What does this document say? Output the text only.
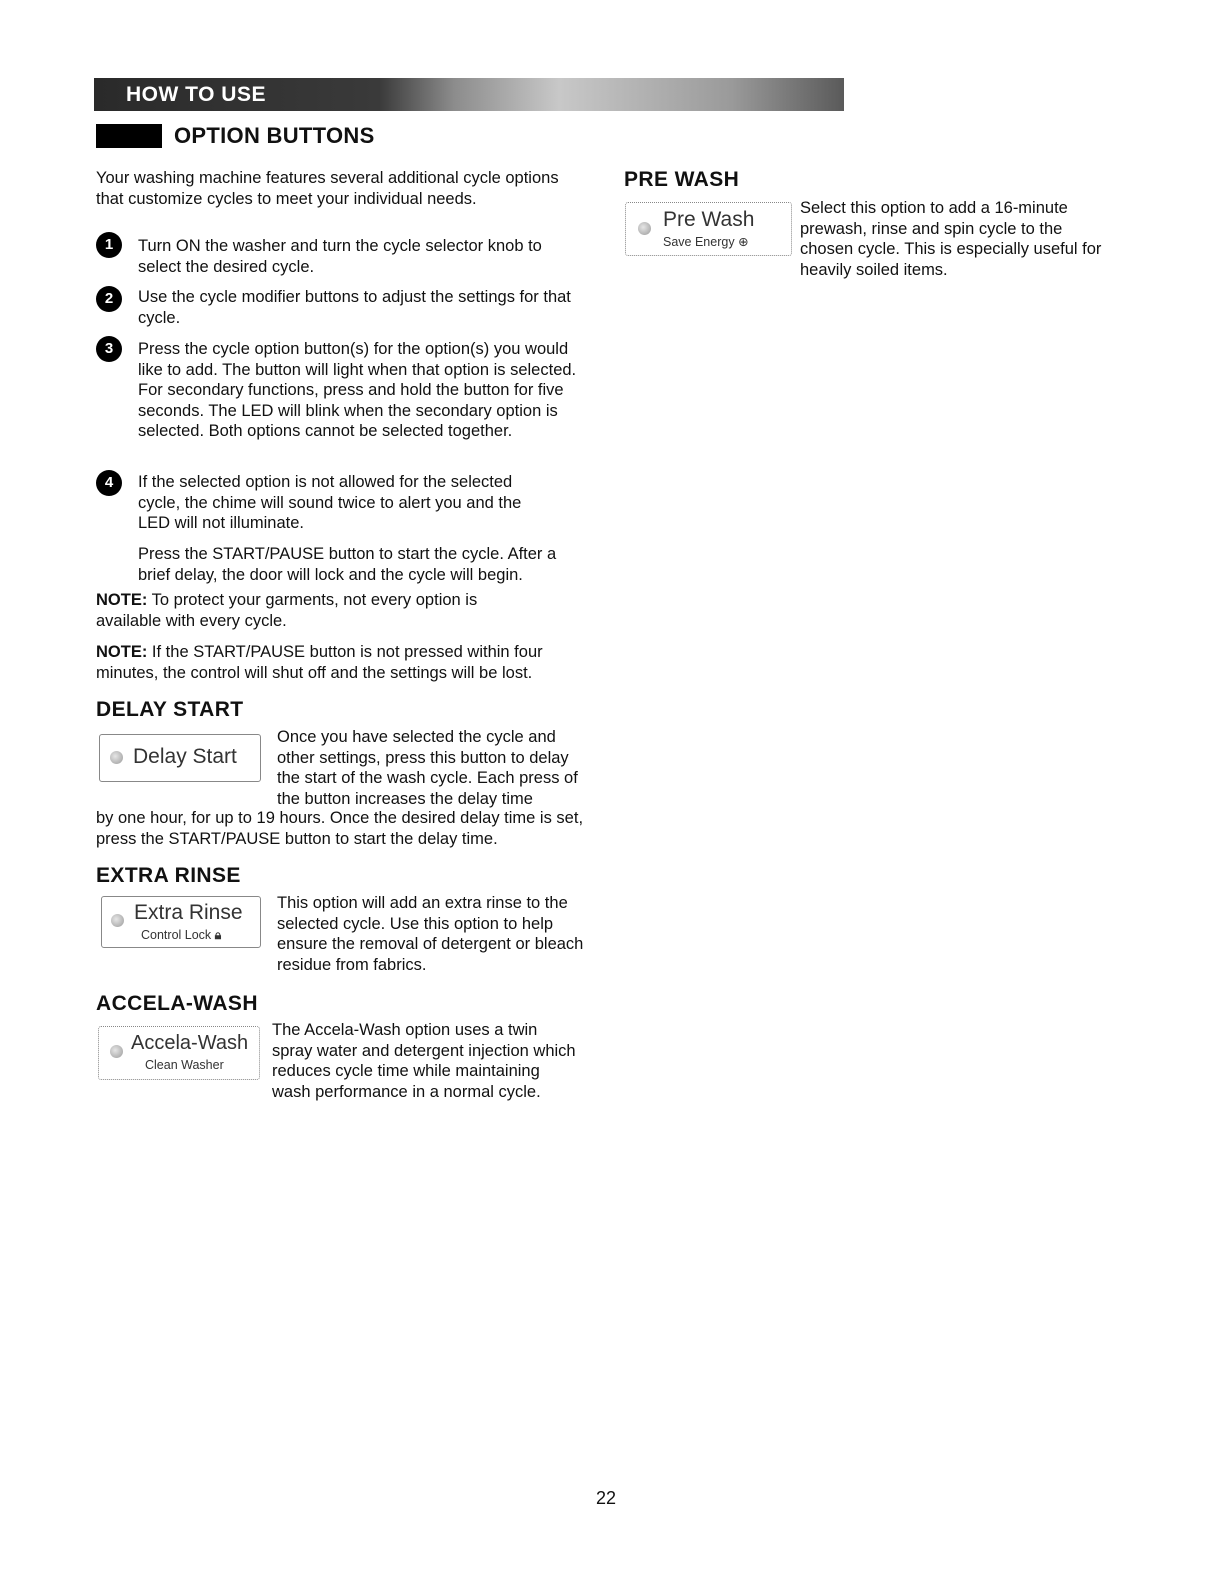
HOW TO USE
OPTION BUTTONS

Your washing machine features several additional cycle options that customize cycles to meet your individual needs.

1	Turn ON the washer and turn the cycle selector knob to select the desired cycle.

2	Use the cycle modifier buttons to adjust the settings for that cycle.

3	Press the cycle option button(s) for the option(s) you would like to add. The button will light when that option is selected. For secondary functions, press and hold the button for five seconds. The LED will blink when the secondary option is selected. Both options cannot be selected together.

4	If the selected option is not allowed for the selected cycle, the chime will sound twice to alert you and the LED will not illuminate.

Press the START/PAUSE button to start the cycle. After a brief delay, the door will lock and the cycle will begin.

NOTE: To protect your garments, not every option is available with every cycle.

NOTE: If the START/PAUSE button is not pressed within four minutes, the control will shut off and the settings will be lost.

DELAY START
Delay Start

Once you have selected the cycle and other settings, press this button to delay the start of the wash cycle. Each press of the button increases the delay time

by one hour, for up to 19 hours. Once the desired delay time is set, press the START/PAUSE button to start the delay time.

EXTRA RINSE
Extra Rinse
Control Lock 🔒︎

This option will add an extra rinse to the selected cycle. Use this option to help ensure the removal of detergent or bleach residue from fabrics.

ACCELA-WASH
Accela-Wash
Clean Washer

The Accela-Wash option uses a twin spray water and detergent injection which reduces cycle time while maintaining wash performance in a normal cycle.

PRE WASH
Pre Wash
Save Energy ⊕

Select this option to add a 16-minute prewash, rinse and spin cycle to the chosen cycle. This is especially useful for heavily soiled items.

22
